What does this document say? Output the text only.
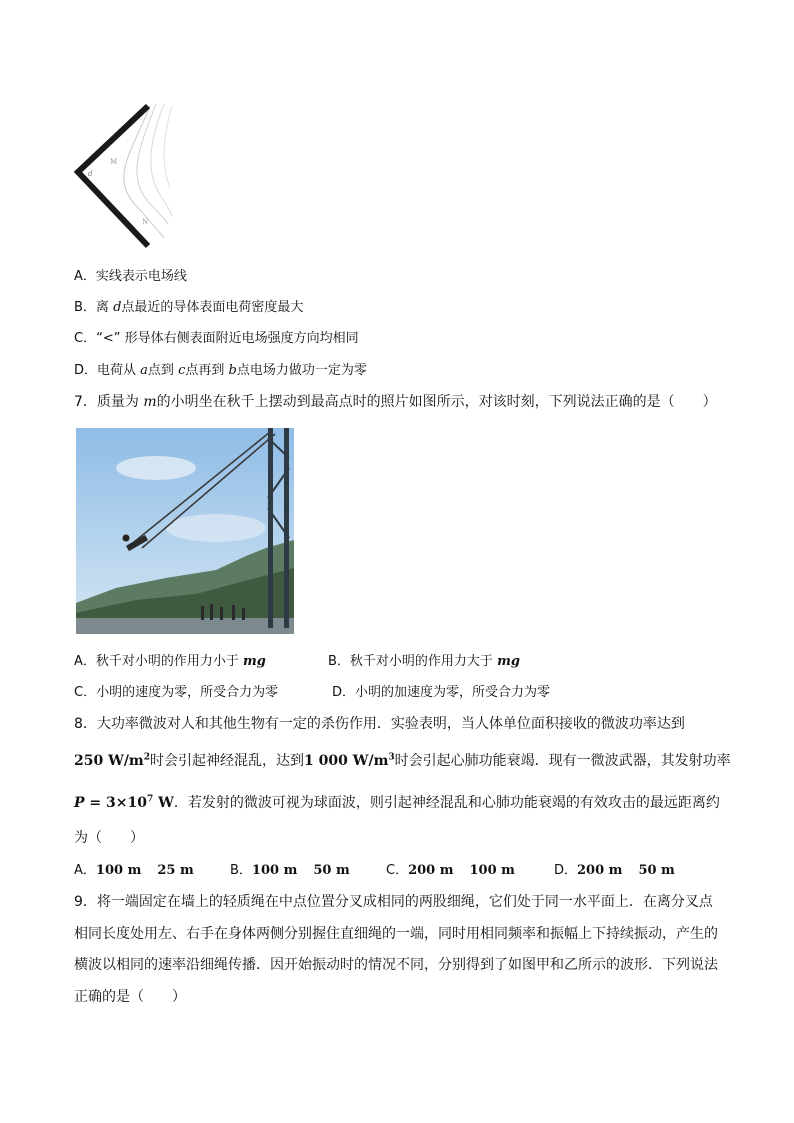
d
M
N
A．实线表示电场线
B．离 d点最近的导体表面电荷密度最大
C．“<” 形导体右侧表面附近电场强度方向均相同
D．电荷从 a点到 c点再到 b点电场力做功一定为零
7．质量为 m的小明坐在秋千上摆动到最高点时的照片如图所示，对该时刻，下列说法正确的是（　　）
A．秋千对小明的作用力小于 mg	B．秋千对小明的作用力大于 mg
C．小明的速度为零，所受合力为零	D．小明的加速度为零，所受合力为零
8．大功率微波对人和其他生物有一定的杀伤作用．实验表明，当人体单位面积接收的微波功率达到
250 $W/m^2$时会引起神经混乱，达到1 000 $W/m^3$时会引起心肺功能衰竭．现有一微波武器，其发射功率
$P = 3\times 10^7$ W．若发射的微波可视为球面波，则引起神经混乱和心肺功能衰竭的有效攻击的最远距离约
为（　　）
A．100 m 25 m	B．100 m 50 m	C．200 m 100 m	D．200 m 50 m
9．将一端固定在墙上的轻质绳在中点位置分叉成相同的两股细绳，它们处于同一水平面上．在离分叉点
相同长度处用左、右手在身体两侧分别握住直细绳的一端，同时用相同频率和振幅上下持续振动，产生的
横波以相同的速率沿细绳传播．因开始振动时的情况不同，分别得到了如图甲和乙所示的波形．下列说法
正确的是（　　）
